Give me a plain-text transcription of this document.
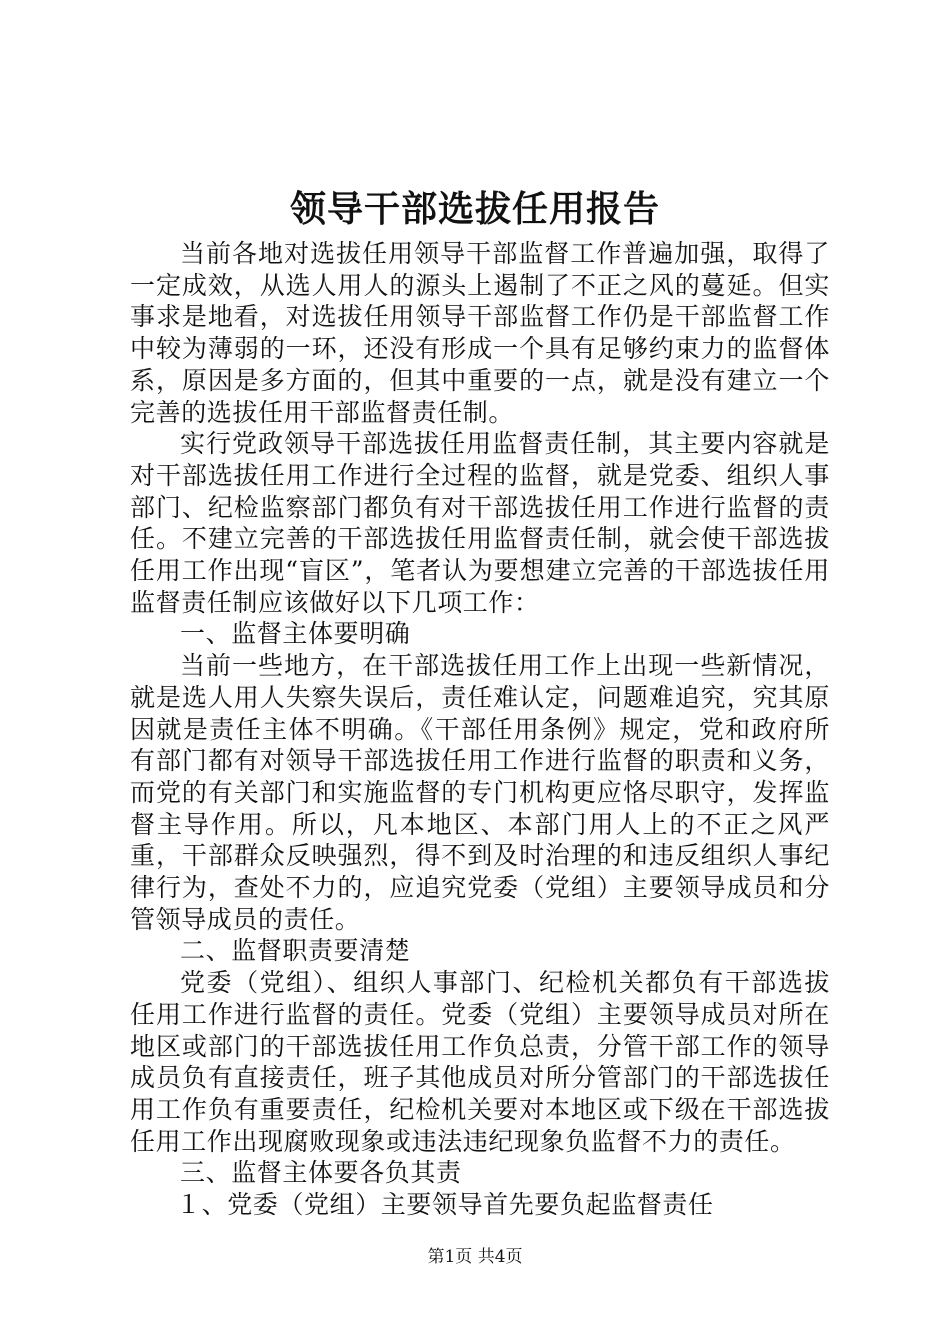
领导干部选拔任用报告

当前各地对选拔任用领导干部监督工作普遍加强，取得了一定成效，从选人用人的源头上遏制了不正之风的蔓延。但实事求是地看，对选拔任用领导干部监督工作仍是干部监督工作中较为薄弱的一环，还没有形成一个具有足够约束力的监督体系，原因是多方面的，但其中重要的一点，就是没有建立一个完善的选拔任用干部监督责任制。

实行党政领导干部选拔任用监督责任制，其主要内容就是对干部选拔任用工作进行全过程的监督，就是党委、组织人事部门、纪检监察部门都负有对干部选拔任用工作进行监督的责任。不建立完善的干部选拔任用监督责任制，就会使干部选拔任用工作出现“盲区”，笔者认为要想建立完善的干部选拔任用监督责任制应该做好以下几项工作：

一、监督主体要明确

当前一些地方，在干部选拔任用工作上出现一些新情况，就是选人用人失察失误后，责任难认定，问题难追究，究其原因就是责任主体不明确。《干部任用条例》规定，党和政府所有部门都有对领导干部选拔任用工作进行监督的职责和义务，而党的有关部门和实施监督的专门机构更应恪尽职守，发挥监督主导作用。所以，凡本地区、本部门用人上的不正之风严重，干部群众反映强烈，得不到及时治理的和违反组织人事纪律行为，查处不力的，应追究党委（党组）主要领导成员和分管领导成员的责任。

二、监督职责要清楚

党委（党组）、组织人事部门、纪检机关都负有干部选拔任用工作进行监督的责任。党委（党组）主要领导成员对所在地区或部门的干部选拔任用工作负总责，分管干部工作的领导成员负有直接责任，班子其他成员对所分管部门的干部选拔任用工作负有重要责任，纪检机关要对本地区或下级在干部选拔任用工作出现腐败现象或违法违纪现象负监督不力的责任。

三、监督主体要各负其责

１、党委（党组）主要领导首先要负起监督责任

第1页 共4页
